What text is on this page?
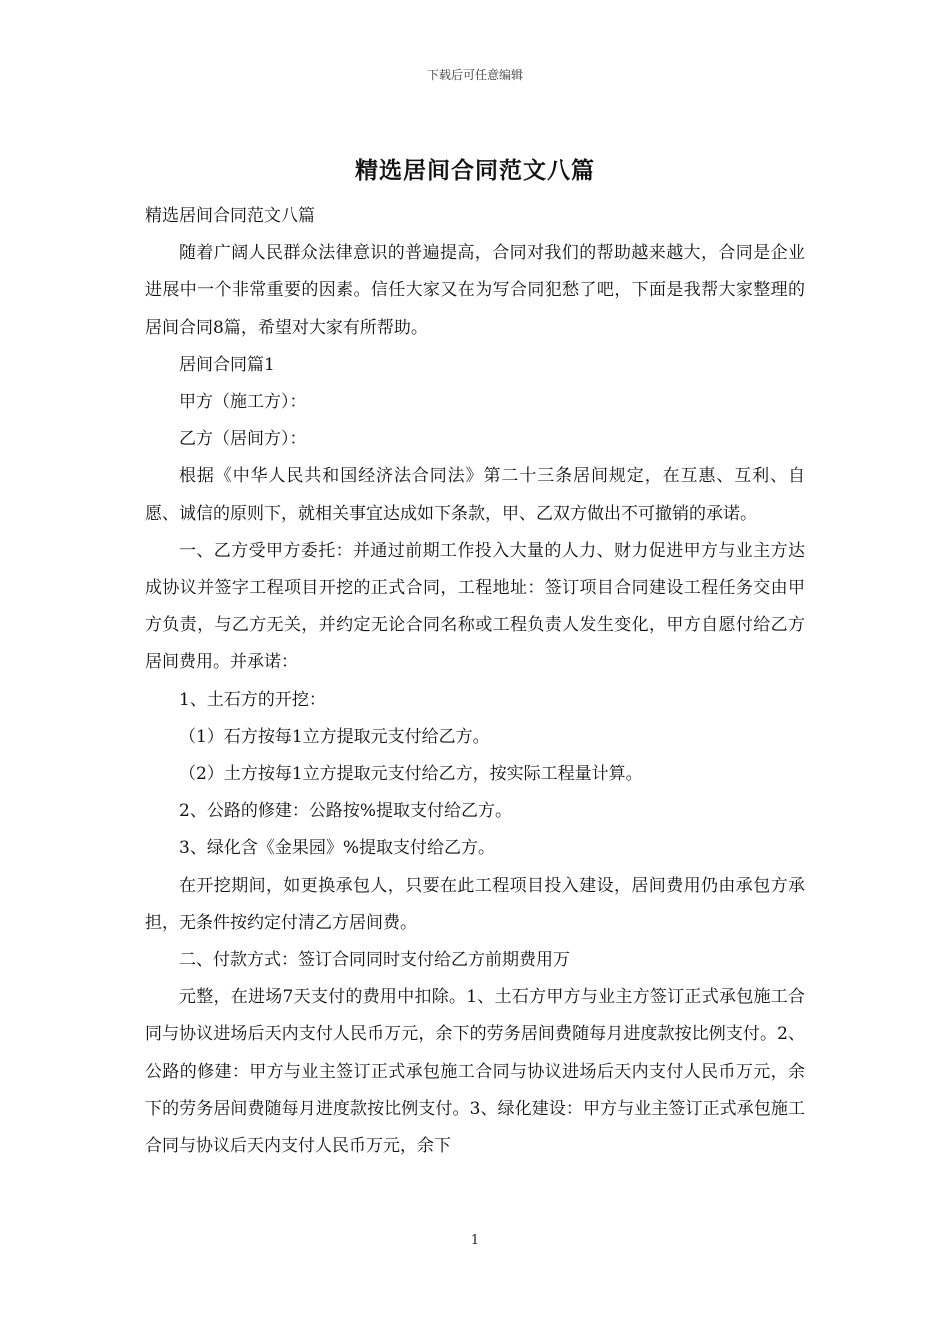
下载后可任意编辑
精选居间合同范文八篇

精选居间合同范文八篇

随着广阔人民群众法律意识的普遍提高，合同对我们的帮助越来越大，合同是企业进展中一个非常重要的因素。信任大家又在为写合同犯愁了吧，下面是我帮大家整理的居间合同8篇，希望对大家有所帮助。

居间合同篇1

甲方（施工方）：

乙方（居间方）：

根据《中华人民共和国经济法合同法》第二十三条居间规定，在互惠、互利、自愿、诚信的原则下，就相关事宜达成如下条款，甲、乙双方做出不可撤销的承诺。

一、乙方受甲方委托：并通过前期工作投入大量的人力、财力促进甲方与业主方达成协议并签字工程项目开挖的正式合同，工程地址：签订项目合同建设工程任务交由甲方负责，与乙方无关，并约定无论合同名称或工程负责人发生变化，甲方自愿付给乙方居间费用。并承诺：

1、土石方的开挖：

（1）石方按每1立方提取元支付给乙方。

（2）土方按每1立方提取元支付给乙方，按实际工程量计算。

2、公路的修建：公路按%提取支付给乙方。

3、绿化含《金果园》%提取支付给乙方。

在开挖期间，如更换承包人，只要在此工程项目投入建设，居间费用仍由承包方承担，无条件按约定付清乙方居间费。

二、付款方式：签订合同同时支付给乙方前期费用万

元整，在进场7天支付的费用中扣除。1、土石方甲方与业主方签订正式承包施工合同与协议进场后天内支付人民币万元，余下的劳务居间费随每月进度款按比例支付。2、公路的修建：甲方与业主签订正式承包施工合同与协议进场后天内支付人民币万元，余下的劳务居间费随每月进度款按比例支付。3、绿化建设：甲方与业主签订正式承包施工合同与协议后天内支付人民币万元，余下

1
